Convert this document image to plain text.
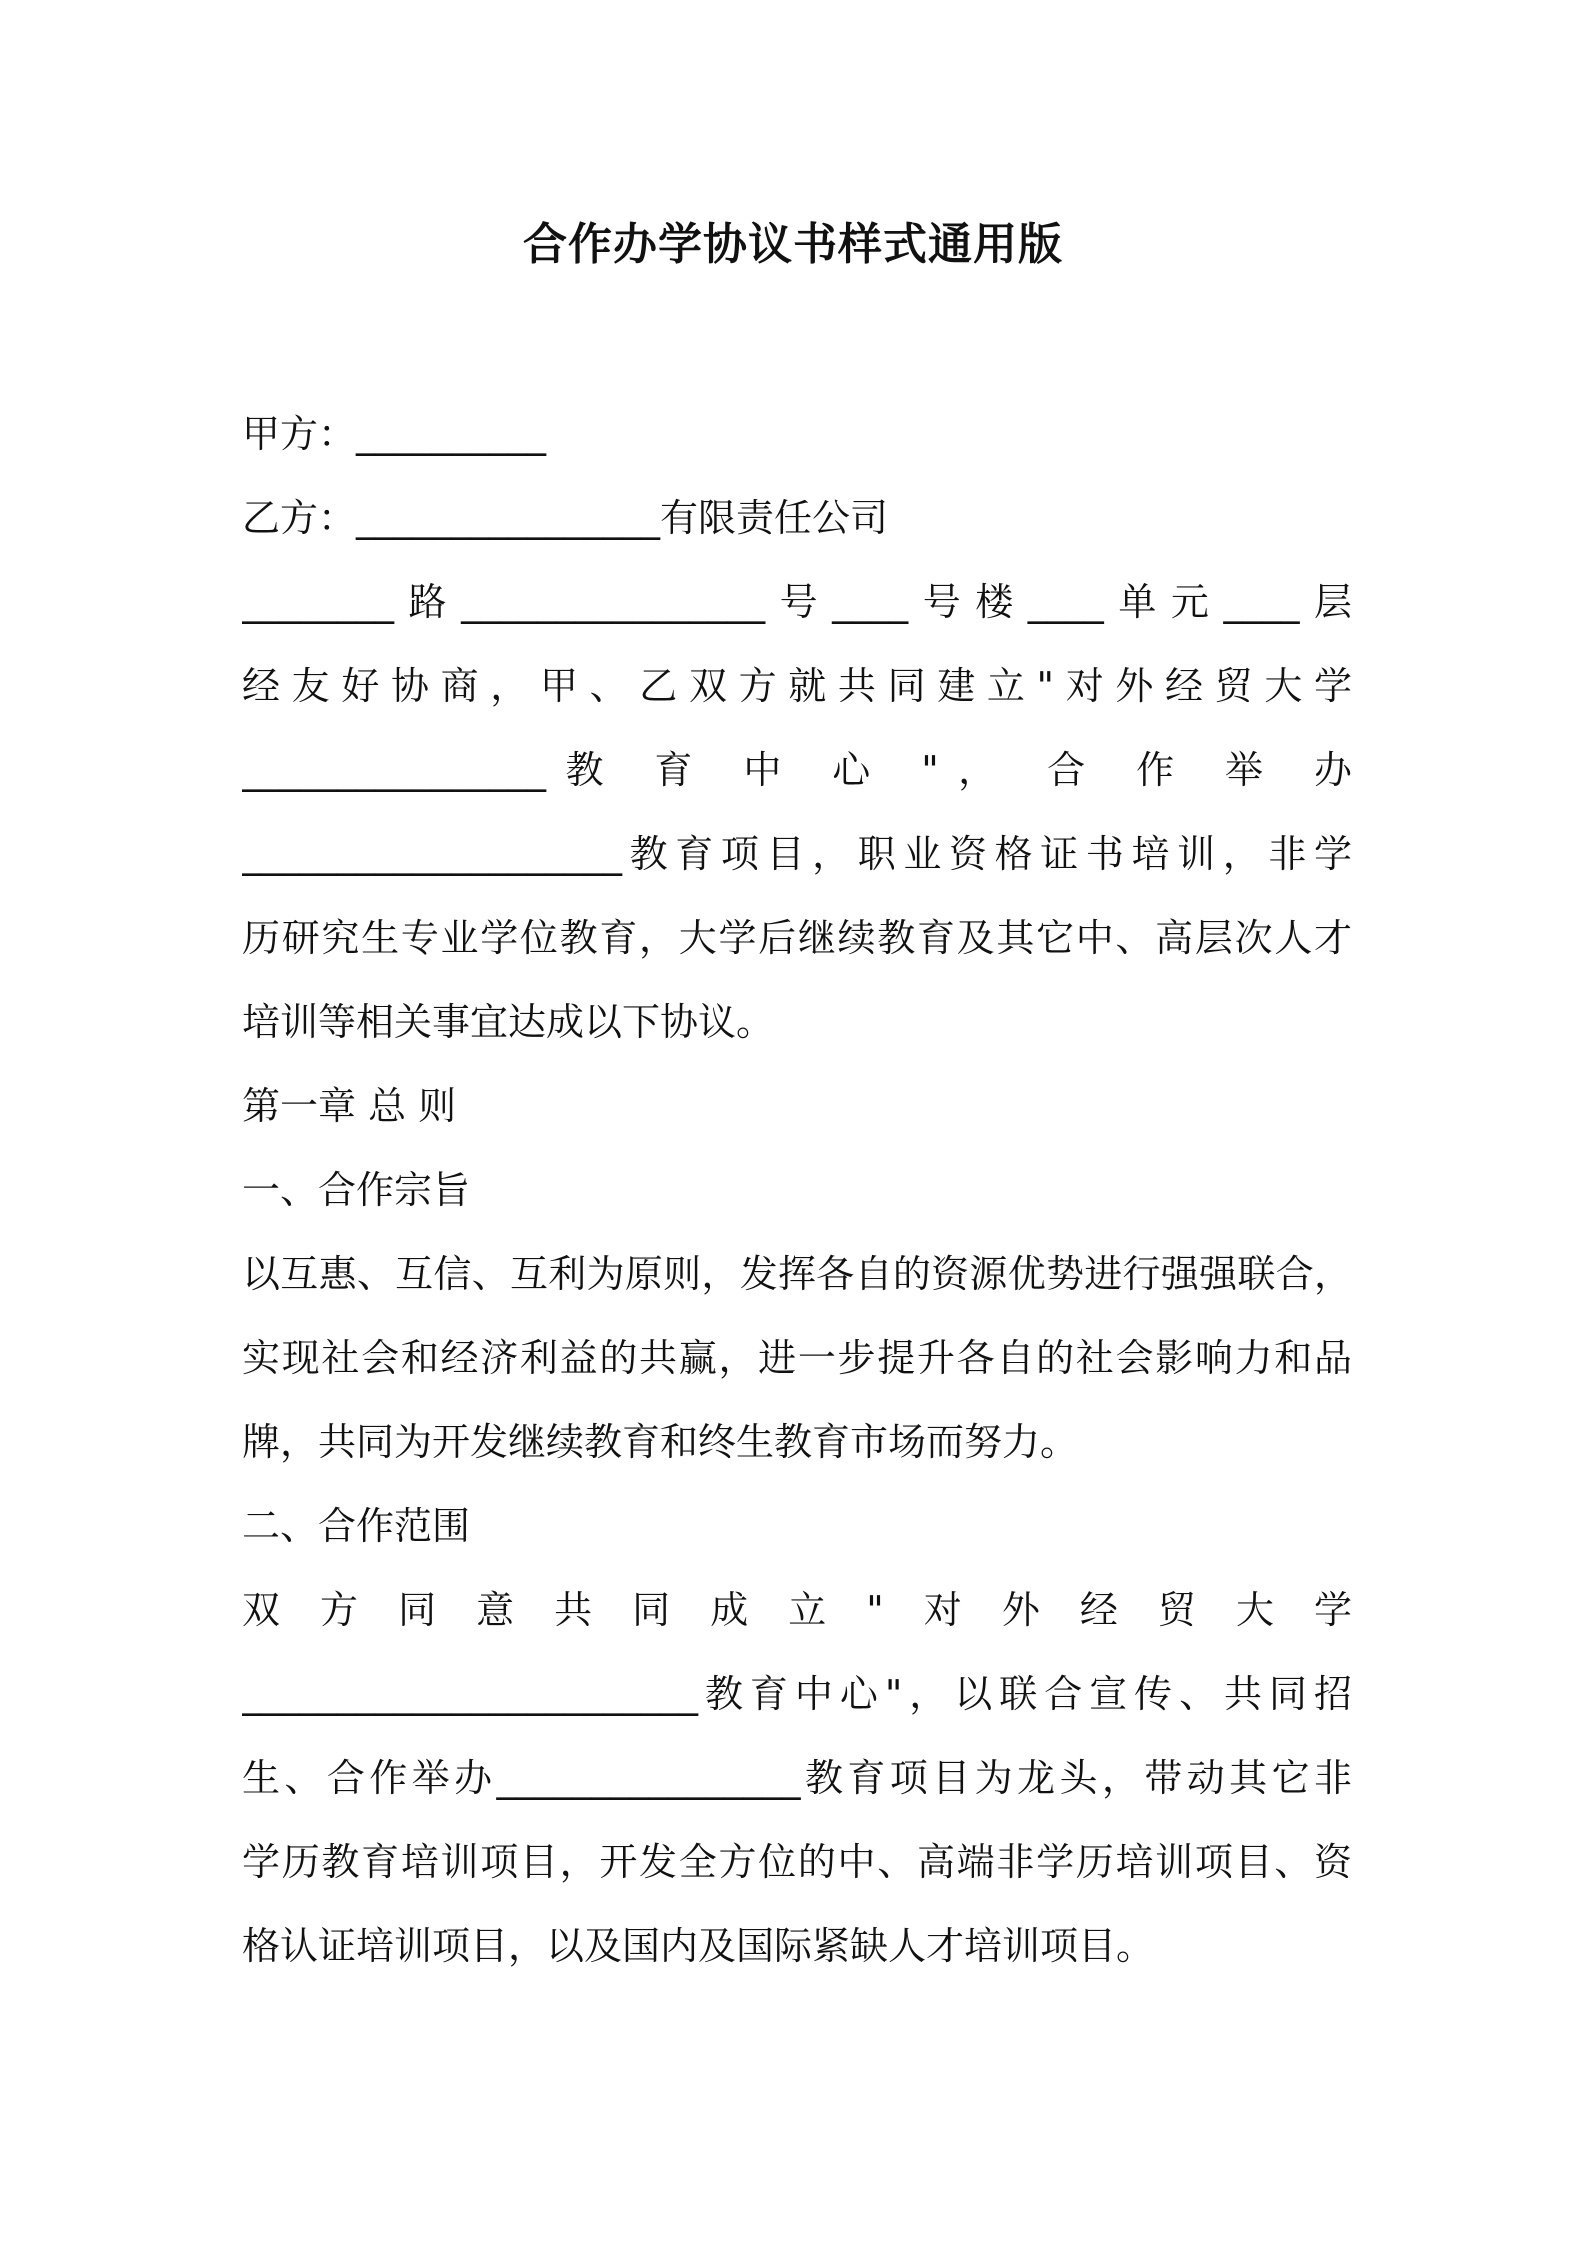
合作办学协议书样式通用版
甲方：__________
乙方：________________有限责任公司
________路________________号____号楼____单元____层
经友好协商，甲、乙双方就共同建立"对外经贸大学
________________教 育 中 心 "， 合 作 举 办
____________________教育项目，职业资格证书培训，非学
历研究生专业学位教育，大学后继续教育及其它中、高层次人才
培训等相关事宜达成以下协议。
第一章 总 则
一、合作宗旨
以互惠、互信、互利为原则，发挥各自的资源优势进行强强联合，
实现社会和经济利益的共赢，进一步提升各自的社会影响力和品
牌，共同为开发继续教育和终生教育市场而努力。
二、合作范围
双方同意共同成立"对外经贸大学
________________________教育中心"，以联合宣传、共同招
生、合作举办________________教育项目为龙头，带动其它非
学历教育培训项目，开发全方位的中、高端非学历培训项目、资
格认证培训项目，以及国内及国际紧缺人才培训项目。
